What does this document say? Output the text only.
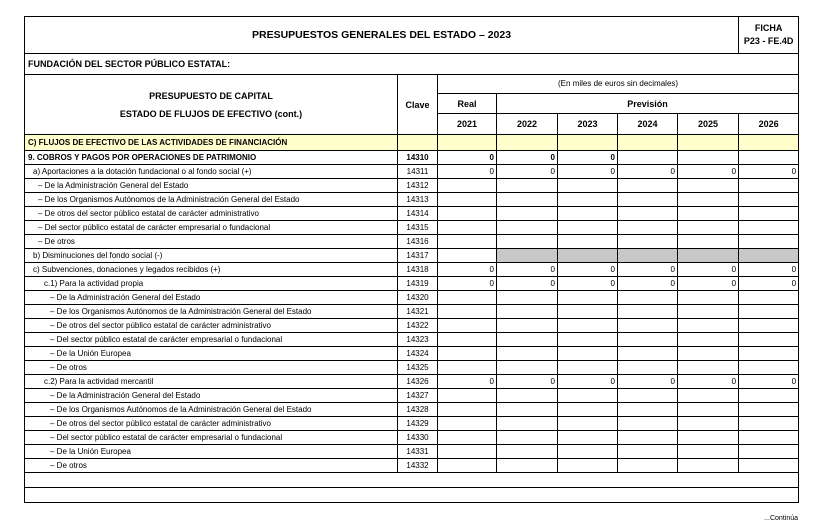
PRESUPUESTOS GENERALES DEL ESTADO – 2023							FICHA
P23 - FE.4D

FUNDACIÓN DEL SECTOR PÚBLICO ESTATAL:							

PRESUPUESTO DE CAPITAL
ESTADO DE FLUJOS DE EFECTIVO (cont.)	Clave	(En miles de euros sin decimales)					
		Real	Previsión				
		2021	2022	2023	2024	2025	2026
C) FLUJOS DE EFECTIVO DE LAS ACTIVIDADES DE FINANCIACIÓN							
9. COBROS Y PAGOS POR OPERACIONES DE PATRIMONIO	14310	0	0	0			
a) Aportaciones a la dotación fundacional o al fondo social (+)	14311	0	0	0	0	0	0
– De la Administración General del Estado	14312						
– De los Organismos Autónomos de la Administración General del Estado	14313						
– De otros del sector público estatal de carácter administrativo	14314						
– Del sector público estatal de carácter empresarial o fundacional	14315						
– De otros	14316						
b) Disminuciones del fondo social (-)	14317						
c) Subvenciones, donaciones y legados recibidos (+)	14318	0	0	0	0	0	0
c.1) Para la actividad propia	14319	0	0	0	0	0	0
– De la Administración General del Estado	14320						
– De los Organismos Autónomos de la Administración General del Estado	14321						
– De otros del sector público estatal de carácter administrativo	14322						
– Del sector público estatal de carácter empresarial o fundacional	14323						
– De la Unión Europea	14324						
– De otros	14325						
c.2) Para la actividad mercantil	14326	0	0	0	0	0	0
– De la Administración General del Estado	14327						
– De los Organismos Autónomos de la Administración General del Estado	14328						
– De otros del sector público estatal de carácter administrativo	14329						
– Del sector público estatal de carácter empresarial o fundacional	14330						
– De la Unión Europea	14331						
– De otros	14332						

...Continúa
